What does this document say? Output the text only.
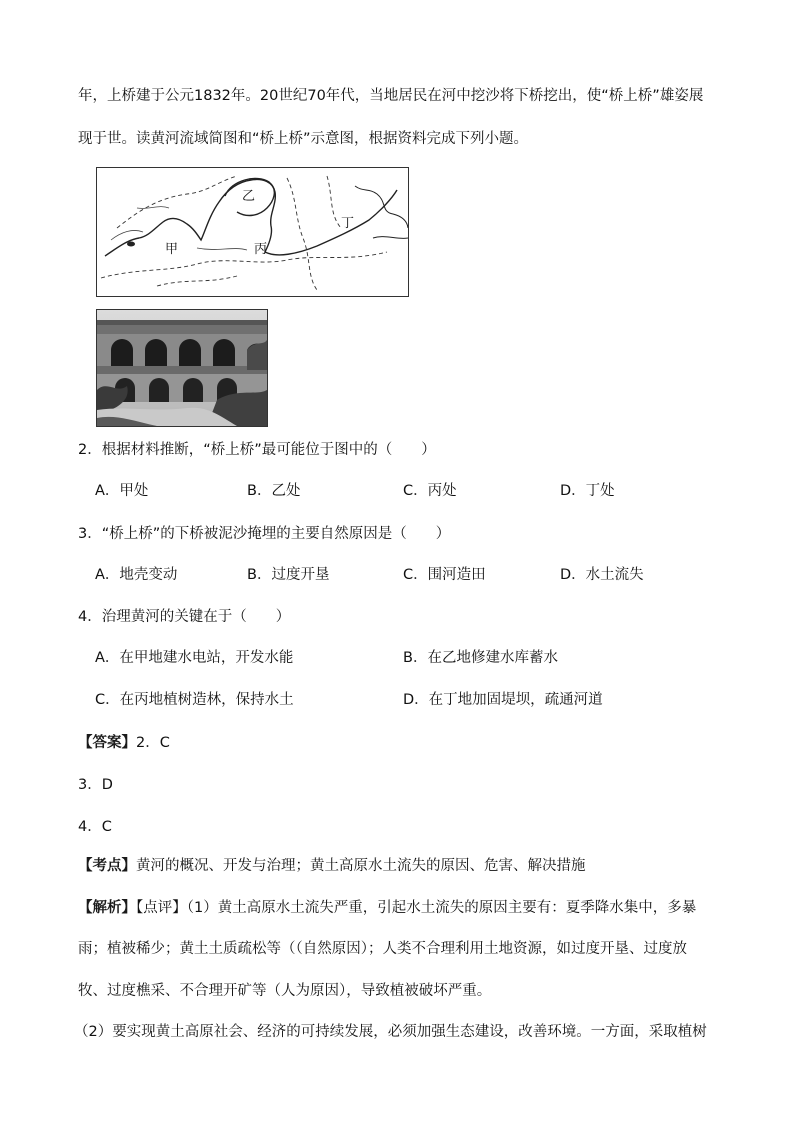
年，上桥建于公元1832年。20世纪70年代，当地居民在河中挖沙将下桥挖出，使“桥上桥”雄姿展
现于世。读黄河流域简图和“桥上桥”示意图，根据资料完成下列小题。
乙
甲	丙
丁
2．根据材料推断，“桥上桥”最可能位于图中的（　　）
A．甲处	B．乙处	C．丙处	D．丁处
3．“桥上桥”的下桥被泥沙掩埋的主要自然原因是（　　）
A．地壳变动	B．过度开垦	C．围河造田	D．水土流失
4．治理黄河的关键在于（　　）
A．在甲地建水电站，开发水能	B．在乙地修建水库蓄水
C．在丙地植树造林，保持水土	D．在丁地加固堤坝，疏通河道
【答案】2．C
3．D
4．C
【考点】黄河的概况、开发与治理；黄土高原水土流失的原因、危害、解决措施
【解析】【点评】（1）黄土高原水土流失严重，引起水土流失的原因主要有：夏季降水集中，多暴
雨；植被稀少；黄土土质疏松等（（自然原因）；人类不合理利用土地资源，如过度开垦、过度放
牧、过度樵采、不合理开矿等（人为原因），导致植被破坏严重。
（2）要实现黄土高原社会、经济的可持续发展，必须加强生态建设，改善环境。一方面，采取植树
